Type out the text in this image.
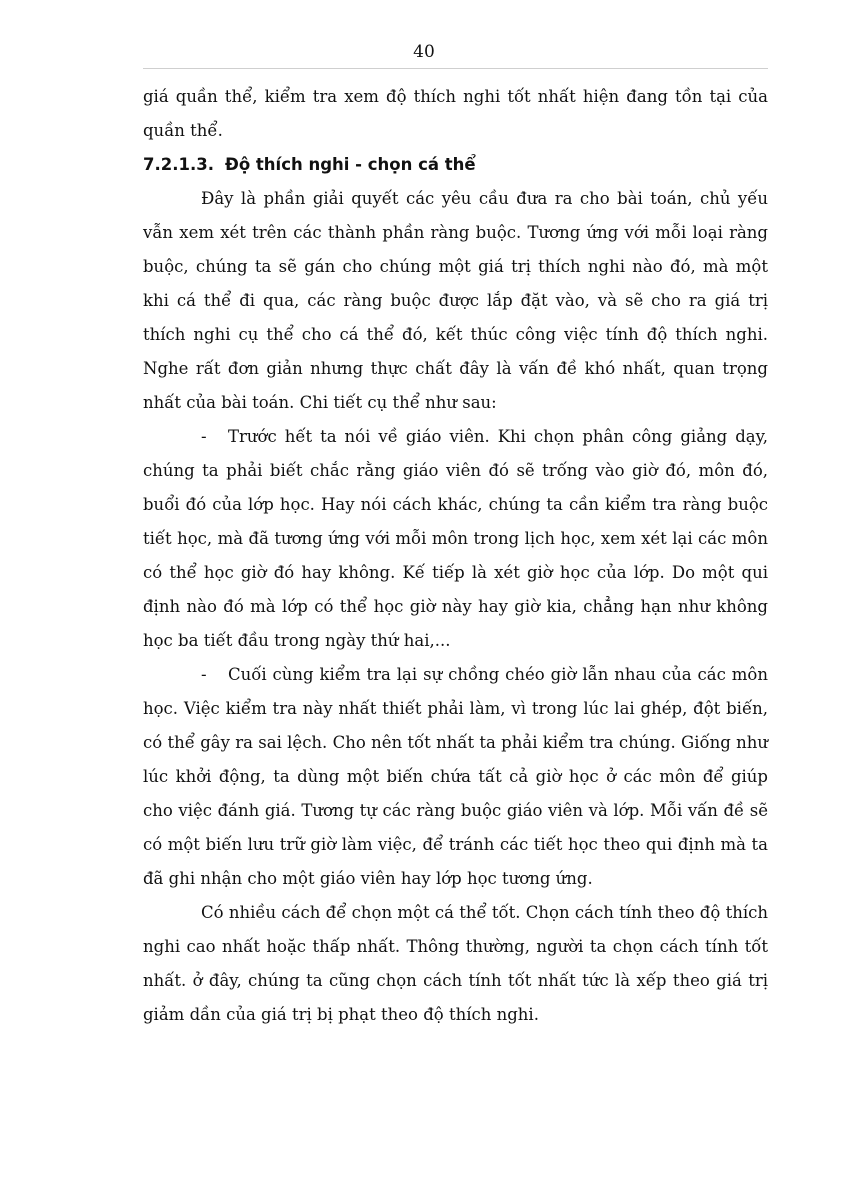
40

giá quần thể, kiểm tra xem độ thích nghi tốt nhất hiện đang tồn tại của quần thể.

7.2.1.3. Độ thích nghi - chọn cá thể

Đây là phần giải quyết các yêu cầu đưa ra cho bài toán, chủ yếu vẫn xem xét trên các thành phần ràng buộc. Tương ứng với mỗi loại ràng buộc, chúng ta sẽ gán cho chúng một giá trị thích nghi nào đó, mà một khi cá thể đi qua, các ràng buộc được lắp đặt vào, và sẽ cho ra giá trị thích nghi cụ thể cho cá thể đó, kết thúc công việc tính độ thích nghi. Nghe rất đơn giản nhưng thực chất đây là vấn đề khó nhất, quan trọng nhất của bài toán. Chi tiết cụ thể như sau:

- Trước hết ta nói về giáo viên. Khi chọn phân công giảng dạy, chúng ta phải biết chắc rằng giáo viên đó sẽ trống vào giờ đó, môn đó, buổi đó của lớp học. Hay nói cách khác, chúng ta cần kiểm tra ràng buộc tiết học, mà đã tương ứng với mỗi môn trong lịch học, xem xét lại các môn có thể học giờ đó hay không. Kế tiếp là xét giờ học của lớp. Do một qui định nào đó mà lớp có thể học giờ này hay giờ kia, chẳng hạn như không học ba tiết đầu trong ngày thứ hai,...

- Cuối cùng kiểm tra lại sự chồng chéo giờ lẫn nhau của các môn học. Việc kiểm tra này nhất thiết phải làm, vì trong lúc lai ghép, đột biến, có thể gây ra sai lệch. Cho nên tốt nhất ta phải kiểm tra chúng. Giống như lúc khởi động, ta dùng một biến chứa tất cả giờ học ở các môn để giúp cho việc đánh giá. Tương tự các ràng buộc giáo viên và lớp. Mỗi vấn đề sẽ có một biến lưu trữ giờ làm việc, để tránh các tiết học theo qui định mà ta đã ghi nhận cho một giáo viên hay lớp học tương ứng.

Có nhiều cách để chọn một cá thể tốt. Chọn cách tính theo độ thích nghi cao nhất hoặc thấp nhất. Thông thường, người ta chọn cách tính tốt nhất. ở đây, chúng ta cũng chọn cách tính tốt nhất tức là xếp theo giá trị giảm dần của giá trị bị phạt theo độ thích nghi.
